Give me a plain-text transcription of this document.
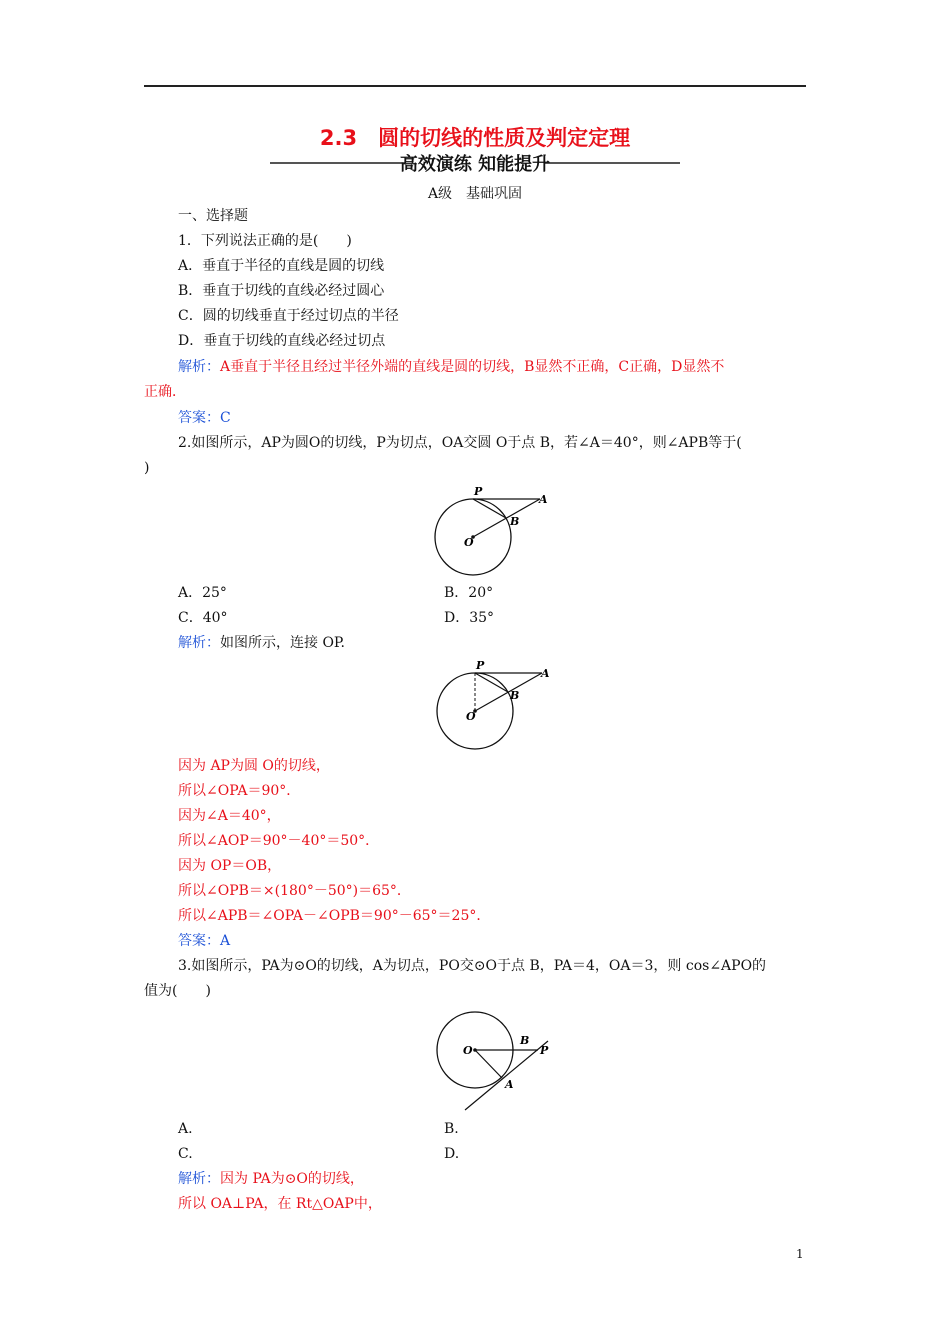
2.3　圆的切线的性质及判定定理
高效演练 知能提升
A级　基础巩固
一、选择题
1．下列说法正确的是(　　)
A．垂直于半径的直线是圆的切线
B．垂直于切线的直线必经过圆心
C．圆的切线垂直于经过切点的半径
D．垂直于切线的直线必经过切点
解析：A垂直于半径且经过半径外端的直线是圆的切线，B显然不正确，C正确，D显然不
正确．
答案：C
2.如图所示，AP为圆O的切线，P为切点，OA交圆 O于点 B，若∠A＝40°，则∠APB等于(
)
P
A
B
O
A．25°	B．20°
C．40°	D．35°
解析：如图所示，连接 OP.
P
A
B
O
因为 AP为圆 O的切线，
所以∠OPA＝90°．
因为∠A＝40°，
所以∠AOP＝90°－40°＝50°．
因为 OP＝OB，
所以∠OPB＝×(180°－50°)＝65°．
所以∠APB＝∠OPA－∠OPB＝90°－65°＝25°．
答案：A
3.如图所示，PA为⊙O的切线，A为切点，PO交⊙O于点 B，PA＝4，OA＝3，则 cos∠APO的
值为(　　)
O
B
P
A
A.	B.
C.	D.
解析：因为 PA为⊙O的切线，
所以 OA⊥PA，在 Rt△OAP中，
1
